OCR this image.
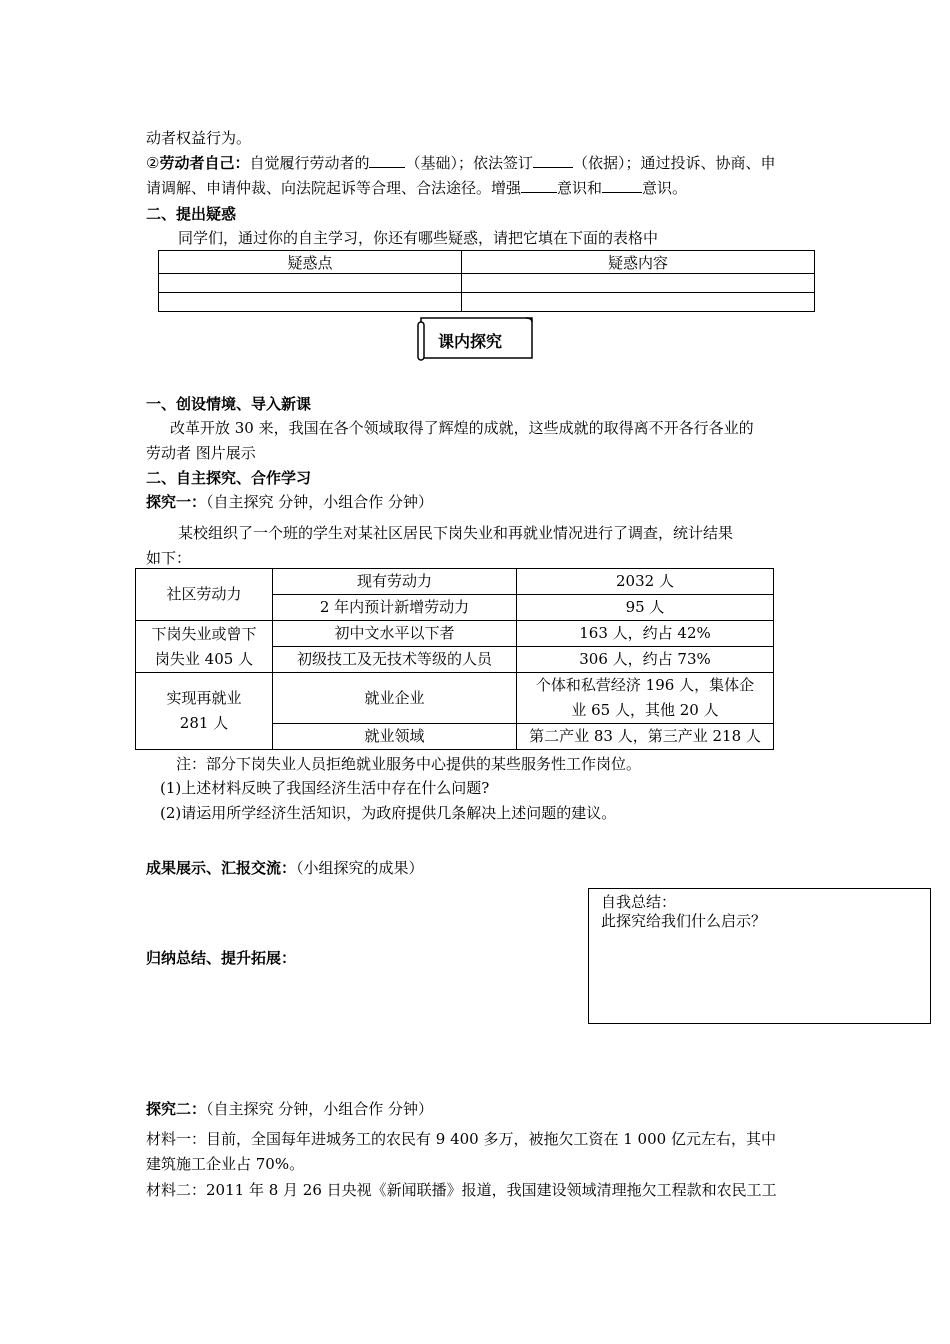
动者权益行为。
②劳动者自己：自觉履行劳动者的 （基础）；依法签订	（依据）；通过投诉、协商、申
请调解、申请仲裁、向法院起诉等合理、合法途径。增强 意识和	意识。
二、提出疑惑
同学们，通过你的自主学习，你还有哪些疑惑，请把它填在下面的表格中
疑惑点	疑惑内容

课内探究
一、创设情境、导入新课
改革开放 30 来，我国在各个领域取得了辉煌的成就，这些成就的取得离不开各行各业的
劳动者 图片展示
二、自主探究、合作学习
探究一：（自主探究 分钟，小组合作 分钟）
某校组织了一个班的学生对某社区居民下岗失业和再就业情况进行了调查，统计结果
如下：
社区劳动力	现有劳动力	2032 人
	2 年内预计新增劳动力	95 人
下岗失业或曾下
岗失业 405 人	初中文水平以下者	163 人，约占 42%
	初级技工及无技术等级的人员	306 人，约占 73%
实现再就业
281 人	就业企业	个体和私营经济 196 人，集体企
业 65 人，其他 20 人
	就业领域	第二产业 83 人，第三产业 218 人
注：部分下岗失业人员拒绝就业服务中心提供的某些服务性工作岗位。
(1)上述材料反映了我国经济生活中存在什么问题?
(2)请运用所学经济生活知识，为政府提供几条解决上述问题的建议。
成果展示、汇报交流：（小组探究的成果）
自我总结：
此探究给我们什么启示？
归纳总结、提升拓展：
探究二：（自主探究 分钟，小组合作 分钟）
材料一：目前，全国每年进城务工的农民有 9 400 多万，被拖欠工资在 1 000 亿元左右，其中
建筑施工企业占 70%。
材料二：2011 年 8 月 26 日央视《新闻联播》报道，我国建设领域清理拖欠工程款和农民工工
